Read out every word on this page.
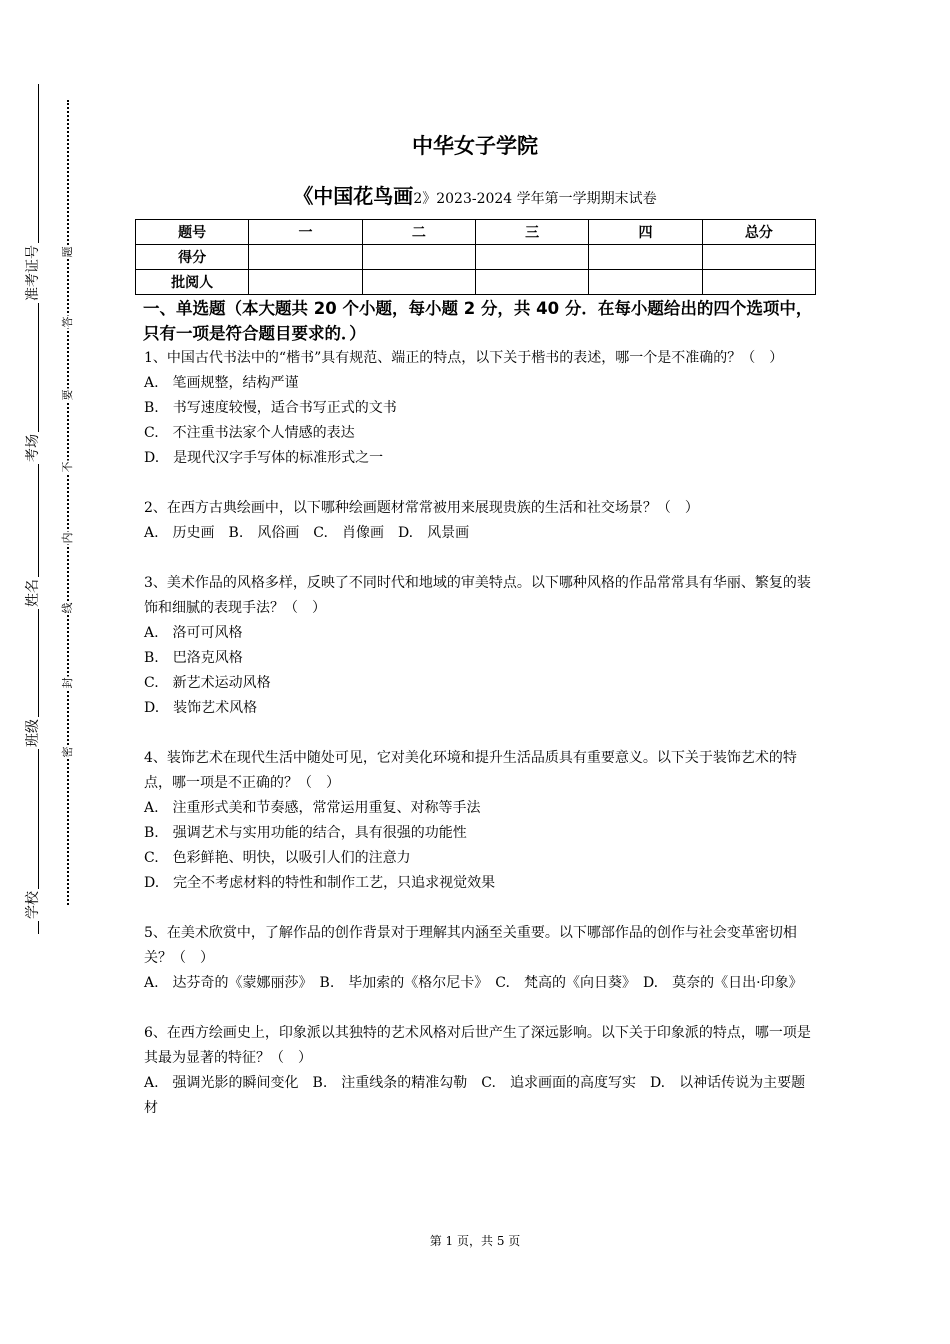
准考证号
考场
姓名
班级
学校
题
答
要
不
内
线
封
密
中华女子学院
《中国花鸟画2》2023-2024 学年第一学期期末试卷
题号	一	二	三	四	总分
得分					
批阅人					
一、单选题（本大题共 20 个小题，每小题 2 分，共 40 分．在每小题给出的四个选项中，只有一项是符合题目要求的．）
1、中国古代书法中的“楷书”具有规范、端正的特点，以下关于楷书的表述，哪一个是不准确的？（　）
A.　笔画规整，结构严谨
B.　书写速度较慢，适合书写正式的文书
C.　不注重书法家个人情感的表达
D.　是现代汉字手写体的标准形式之一
2、在西方古典绘画中，以下哪种绘画题材常常被用来展现贵族的生活和社交场景？（　）
A.　历史画　B.　风俗画　C.　肖像画　D.　风景画
3、美术作品的风格多样，反映了不同时代和地域的审美特点。以下哪种风格的作品常常具有华丽、繁复的装饰和细腻的表现手法？（　）
A.　洛可可风格
B.　巴洛克风格
C.　新艺术运动风格
D.　装饰艺术风格
4、装饰艺术在现代生活中随处可见，它对美化环境和提升生活品质具有重要意义。以下关于装饰艺术的特点，哪一项是不正确的？（　）
A.　注重形式美和节奏感，常常运用重复、对称等手法
B.　强调艺术与实用功能的结合，具有很强的功能性
C.　色彩鲜艳、明快，以吸引人们的注意力
D.　完全不考虑材料的特性和制作工艺，只追求视觉效果
5、在美术欣赏中，了解作品的创作背景对于理解其内涵至关重要。以下哪部作品的创作与社会变革密切相关？（　）
A.　达芬奇的《蒙娜丽莎》　B.　毕加索的《格尔尼卡》　C.　梵高的《向日葵》　D.　莫奈的《日出·印象》
6、在西方绘画史上，印象派以其独特的艺术风格对后世产生了深远影响。以下关于印象派的特点，哪一项是其最为显著的特征？（　）
A.　强调光影的瞬间变化　B.　注重线条的精准勾勒　C.　追求画面的高度写实　D.　以神话传说为主要题材
第 1 页，共 5 页
